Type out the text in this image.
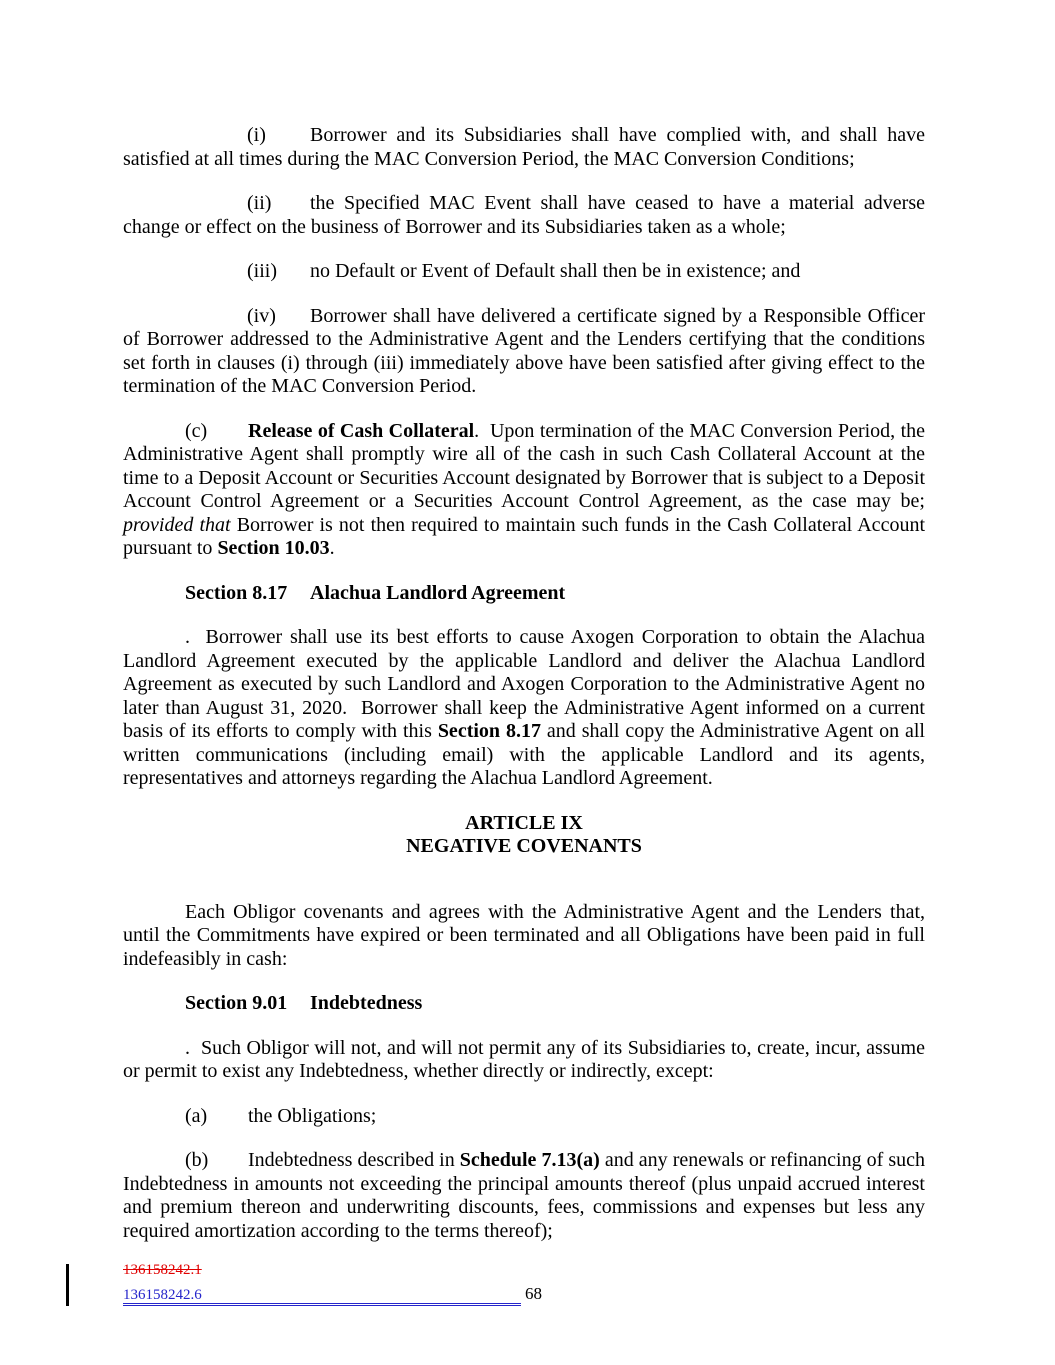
(i) Borrower and its Subsidiaries shall have complied with, and shall have satisfied at all times during the MAC Conversion Period, the MAC Conversion Conditions;

(ii) the Specified MAC Event shall have ceased to have a material adverse change or effect on the business of Borrower and its Subsidiaries taken as a whole;

(iii) no Default or Event of Default shall then be in existence; and

(iv) Borrower shall have delivered a certificate signed by a Responsible Officer of Borrower addressed to the Administrative Agent and the Lenders certifying that the conditions set forth in clauses (i) through (iii) immediately above have been satisfied after giving effect to the termination of the MAC Conversion Period.

(c) Release of Cash Collateral.  Upon termination of the MAC Conversion Period, the Administrative Agent shall promptly wire all of the cash in such Cash Collateral Account at the time to a Deposit Account or Securities Account designated by Borrower that is subject to a Deposit Account Control Agreement or a Securities Account Control Agreement, as the case may be; provided that Borrower is not then required to maintain such funds in the Cash Collateral Account pursuant to Section 10.03.

Section 8.17 Alachua Landlord Agreement

.  Borrower shall use its best efforts to cause Axogen Corporation to obtain the Alachua Landlord Agreement executed by the applicable Landlord and deliver the Alachua Landlord Agreement as executed by such Landlord and Axogen Corporation to the Administrative Agent no later than August 31, 2020.  Borrower shall keep the Administrative Agent informed on a current basis of its efforts to comply with this Section 8.17 and shall copy the Administrative Agent on all written communications (including email) with the applicable Landlord and its agents, representatives and attorneys regarding the Alachua Landlord Agreement.

ARTICLE IX
NEGATIVE COVENANTS

Each Obligor covenants and agrees with the Administrative Agent and the Lenders that, until the Commitments have expired or been terminated and all Obligations have been paid in full indefeasibly in cash:

Section 9.01 Indebtedness

.  Such Obligor will not, and will not permit any of its Subsidiaries to, create, incur, assume or permit to exist any Indebtedness, whether directly or indirectly, except:

(a) the Obligations;

(b) Indebtedness described in Schedule 7.13(a) and any renewals or refinancing of such Indebtedness in amounts not exceeding the principal amounts thereof (plus unpaid accrued interest and premium thereon and underwriting discounts, fees, commissions and expenses but less any required amortization according to the terms thereof);

136158242.1
136158242.6	68
